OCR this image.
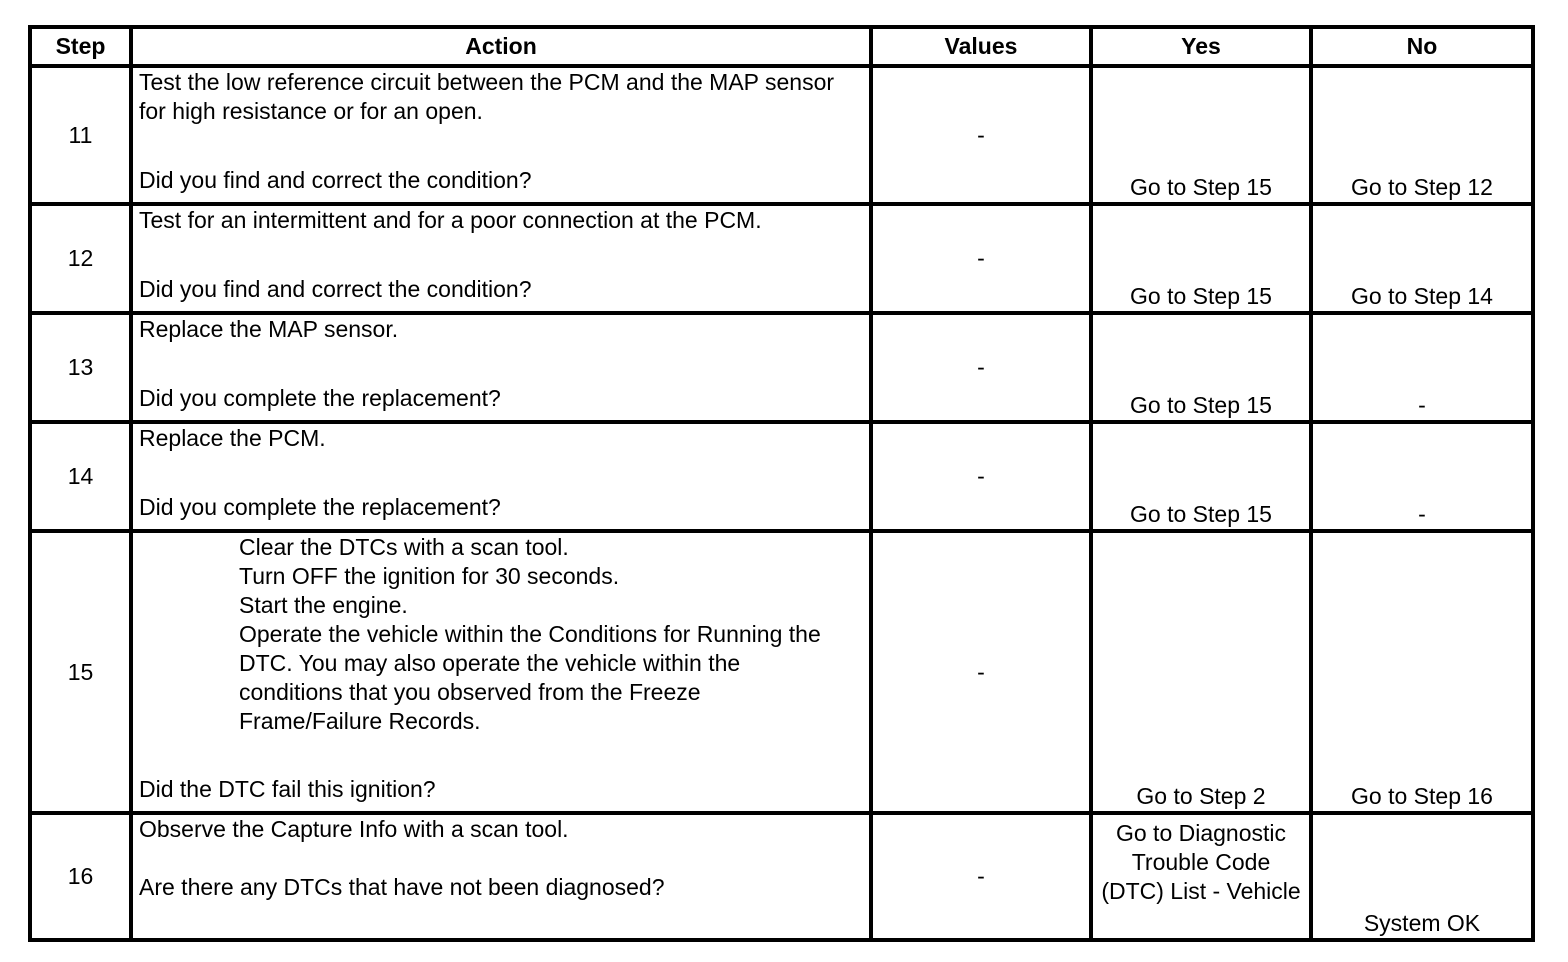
Step	Action	Values	Yes	No
11	Test the low reference circuit between the PCM and the MAP sensor for high resistance or for an open.
Did you find and correct the condition?	-	Go to Step 15	Go to Step 12
12	Test for an intermittent and for a poor connection at the PCM.
Did you find and correct the condition?	-	Go to Step 15	Go to Step 14
13	Replace the MAP sensor.
Did you complete the replacement?	-	Go to Step 15	-
14	Replace the PCM.
Did you complete the replacement?	-	Go to Step 15	-
15	Clear the DTCs with a scan tool.
Turn OFF the ignition for 30 seconds.
Start the engine.
Operate the vehicle within the Conditions for Running the DTC. You may also operate the vehicle within the conditions that you observed from the Freeze Frame/Failure Records.
Did the DTC fail this ignition?	-	Go to Step 2	Go to Step 16
16	Observe the Capture Info with a scan tool.
Are there any DTCs that have not been diagnosed?	-	Go to Diagnostic Trouble Code (DTC) List - Vehicle	System OK
